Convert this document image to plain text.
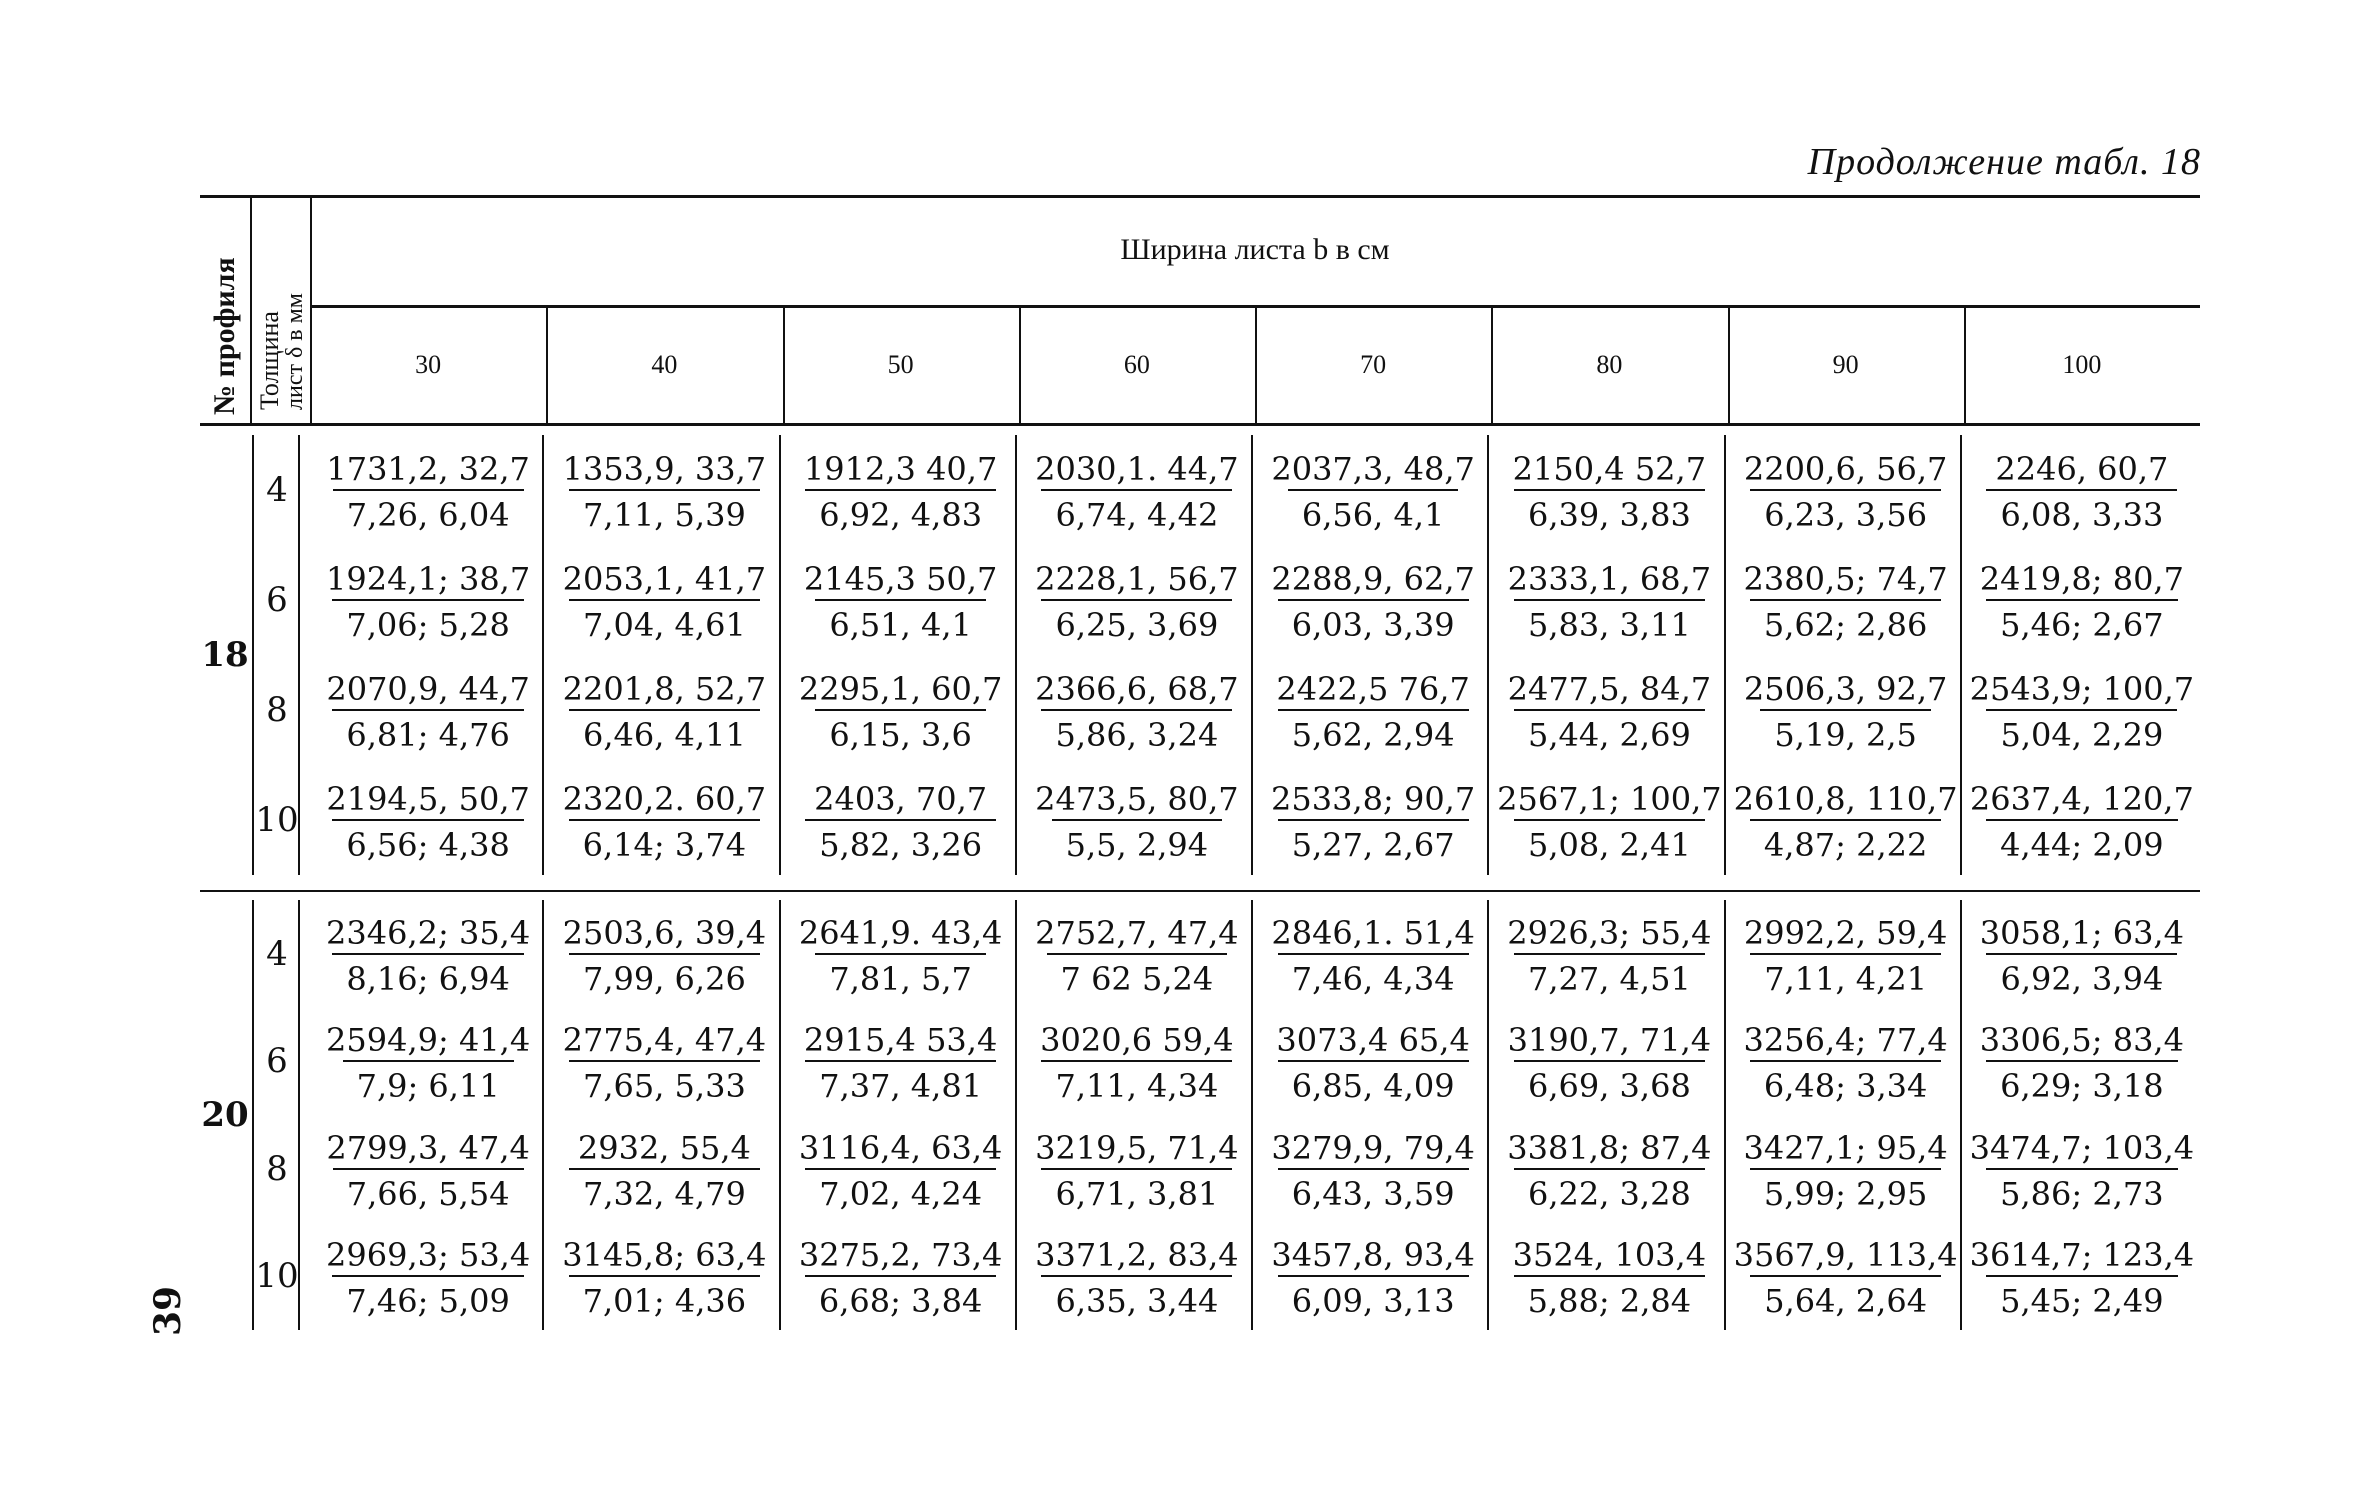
Продолжение табл. 18
№ профиля Толщина
лист δ в мм
Ширина листа b в см
30	40	50	60	70	80	90	100
18
$4 \frac{1731,2, 32,7}{7,26, 6,04} \frac{1353,9, 33,7}{7,11, 5,39} \frac{1912,3 40,7}{6,92, 4,83} \frac{2030,1. 44,7}{6,74, 4,42} \frac{2037,3, 48,7}{6,56, 4,1} \frac{2150,4 52,7}{6,39, 3,83} \frac{2200,6, 56,7}{6,23, 3,56} \frac{2246, 60,7}{6,08, 3,33}$
$6 \frac{1924,1; 38,7}{7,06; 5,28} \frac{2053,1, 41,7}{7,04, 4,61} \frac{2145,3 50,7}{6,51, 4,1} \frac{2228,1, 56,7}{6,25, 3,69} \frac{2288,9, 62,7}{6,03, 3,39} \frac{2333,1, 68,7}{5,83, 3,11} \frac{2380,5; 74,7}{5,62; 2,86} \frac{2419,8; 80,7}{5,46; 2,67}$
$8 \frac{2070,9, 44,7}{6,81; 4,76} \frac{2201,8, 52,7}{6,46, 4,11} \frac{2295,1, 60,7}{6,15, 3,6} \frac{2366,6, 68,7}{5,86, 3,24} \frac{2422,5 76,7}{5,62, 2,94} \frac{2477,5, 84,7}{5,44, 2,69} \frac{2506,3, 92,7}{5,19, 2,5} \frac{2543,9; 100,7}{5,04, 2,29}$
$10 \frac{2194,5, 50,7}{6,56; 4,38} \frac{2320,2. 60,7}{6,14; 3,74} \frac{2403, 70,7}{5,82, 3,26} \frac{2473,5, 80,7}{5,5, 2,94} \frac{2533,8; 90,7}{5,27, 2,67} \frac{2567,1; 100,7}{5,08, 2,41} \frac{2610,8, 110,7}{4,87; 2,22} \frac{2637,4, 120,7}{4,44; 2,09}$
20
$4 \frac{2346,2; 35,4}{8,16; 6,94} \frac{2503,6, 39,4}{7,99, 6,26} \frac{2641,9. 43,4}{7,81, 5,7} \frac{2752,7, 47,4}{7 62 5,24} \frac{2846,1. 51,4}{7,46, 4,34} \frac{2926,3; 55,4}{7,27, 4,51} \frac{2992,2, 59,4}{7,11, 4,21} \frac{3058,1; 63,4}{6,92, 3,94}$
$6 \frac{2594,9; 41,4}{7,9; 6,11} \frac{2775,4, 47,4}{7,65, 5,33} \frac{2915,4 53,4}{7,37, 4,81} \frac{3020,6 59,4}{7,11, 4,34} \frac{3073,4 65,4}{6,85, 4,09} \frac{3190,7, 71,4}{6,69, 3,68} \frac{3256,4; 77,4}{6,48; 3,34} \frac{3306,5; 83,4}{6,29; 3,18}$
$8 \frac{2799,3, 47,4}{7,66, 5,54} \frac{2932, 55,4}{7,32, 4,79} \frac{3116,4, 63,4}{7,02, 4,24} \frac{3219,5, 71,4}{6,71, 3,81} \frac{3279,9, 79,4}{6,43, 3,59} \frac{3381,8; 87,4}{6,22, 3,28} \frac{3427,1; 95,4}{5,99; 2,95} \frac{3474,7; 103,4}{5,86; 2,73}$
$10 \frac{2969,3; 53,4}{7,46; 5,09} \frac{3145,8; 63,4}{7,01; 4,36} \frac{3275,2, 73,4}{6,68; 3,84} \frac{3371,2, 83,4}{6,35, 3,44} \frac{3457,8, 93,4}{6,09, 3,13} \frac{3524, 103,4}{5,88; 2,84} \frac{3567,9, 113,4}{5,64, 2,64} \frac{3614,7; 123,4}{5,45; 2,49}$
39
